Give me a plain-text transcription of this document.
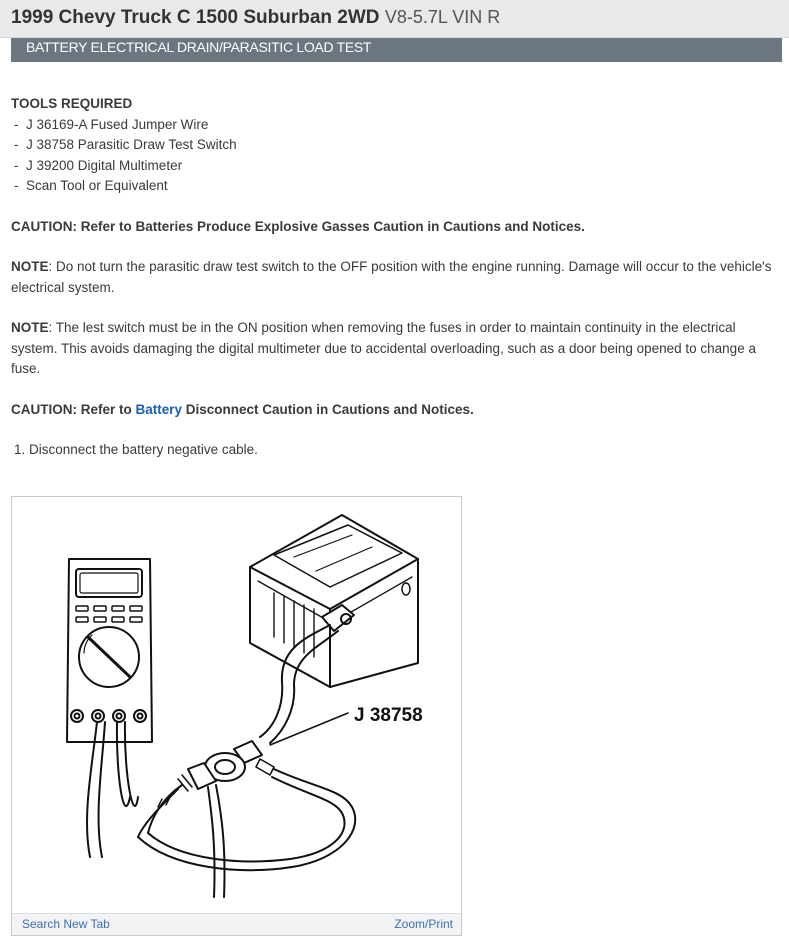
1999 Chevy Truck C 1500 Suburban 2WD V8-5.7L VIN R
BATTERY ELECTRICAL DRAIN/PARASITIC LOAD TEST
TOOLS REQUIRED
-  J 36169-A Fused Jumper Wire
-  J 38758 Parasitic Draw Test Switch
-  J 39200 Digital Multimeter
-  Scan Tool or Equivalent

CAUTION: Refer to Batteries Produce Explosive Gasses Caution in Cautions and Notices.

NOTE: Do not turn the parasitic draw test switch to the OFF position with the engine running. Damage will occur to the vehicle's electrical system.

NOTE: The lest switch must be in the ON position when removing the fuses in order to maintain continuity in the electrical system. This avoids damaging the digital multimeter due to accidental overloading, such as a door being opened to change a fuse.

CAUTION: Refer to Battery Disconnect Caution in Cautions and Notices.

1. Disconnect the battery negative cable.

J 38758
Search New Tab	Zoom/Print
